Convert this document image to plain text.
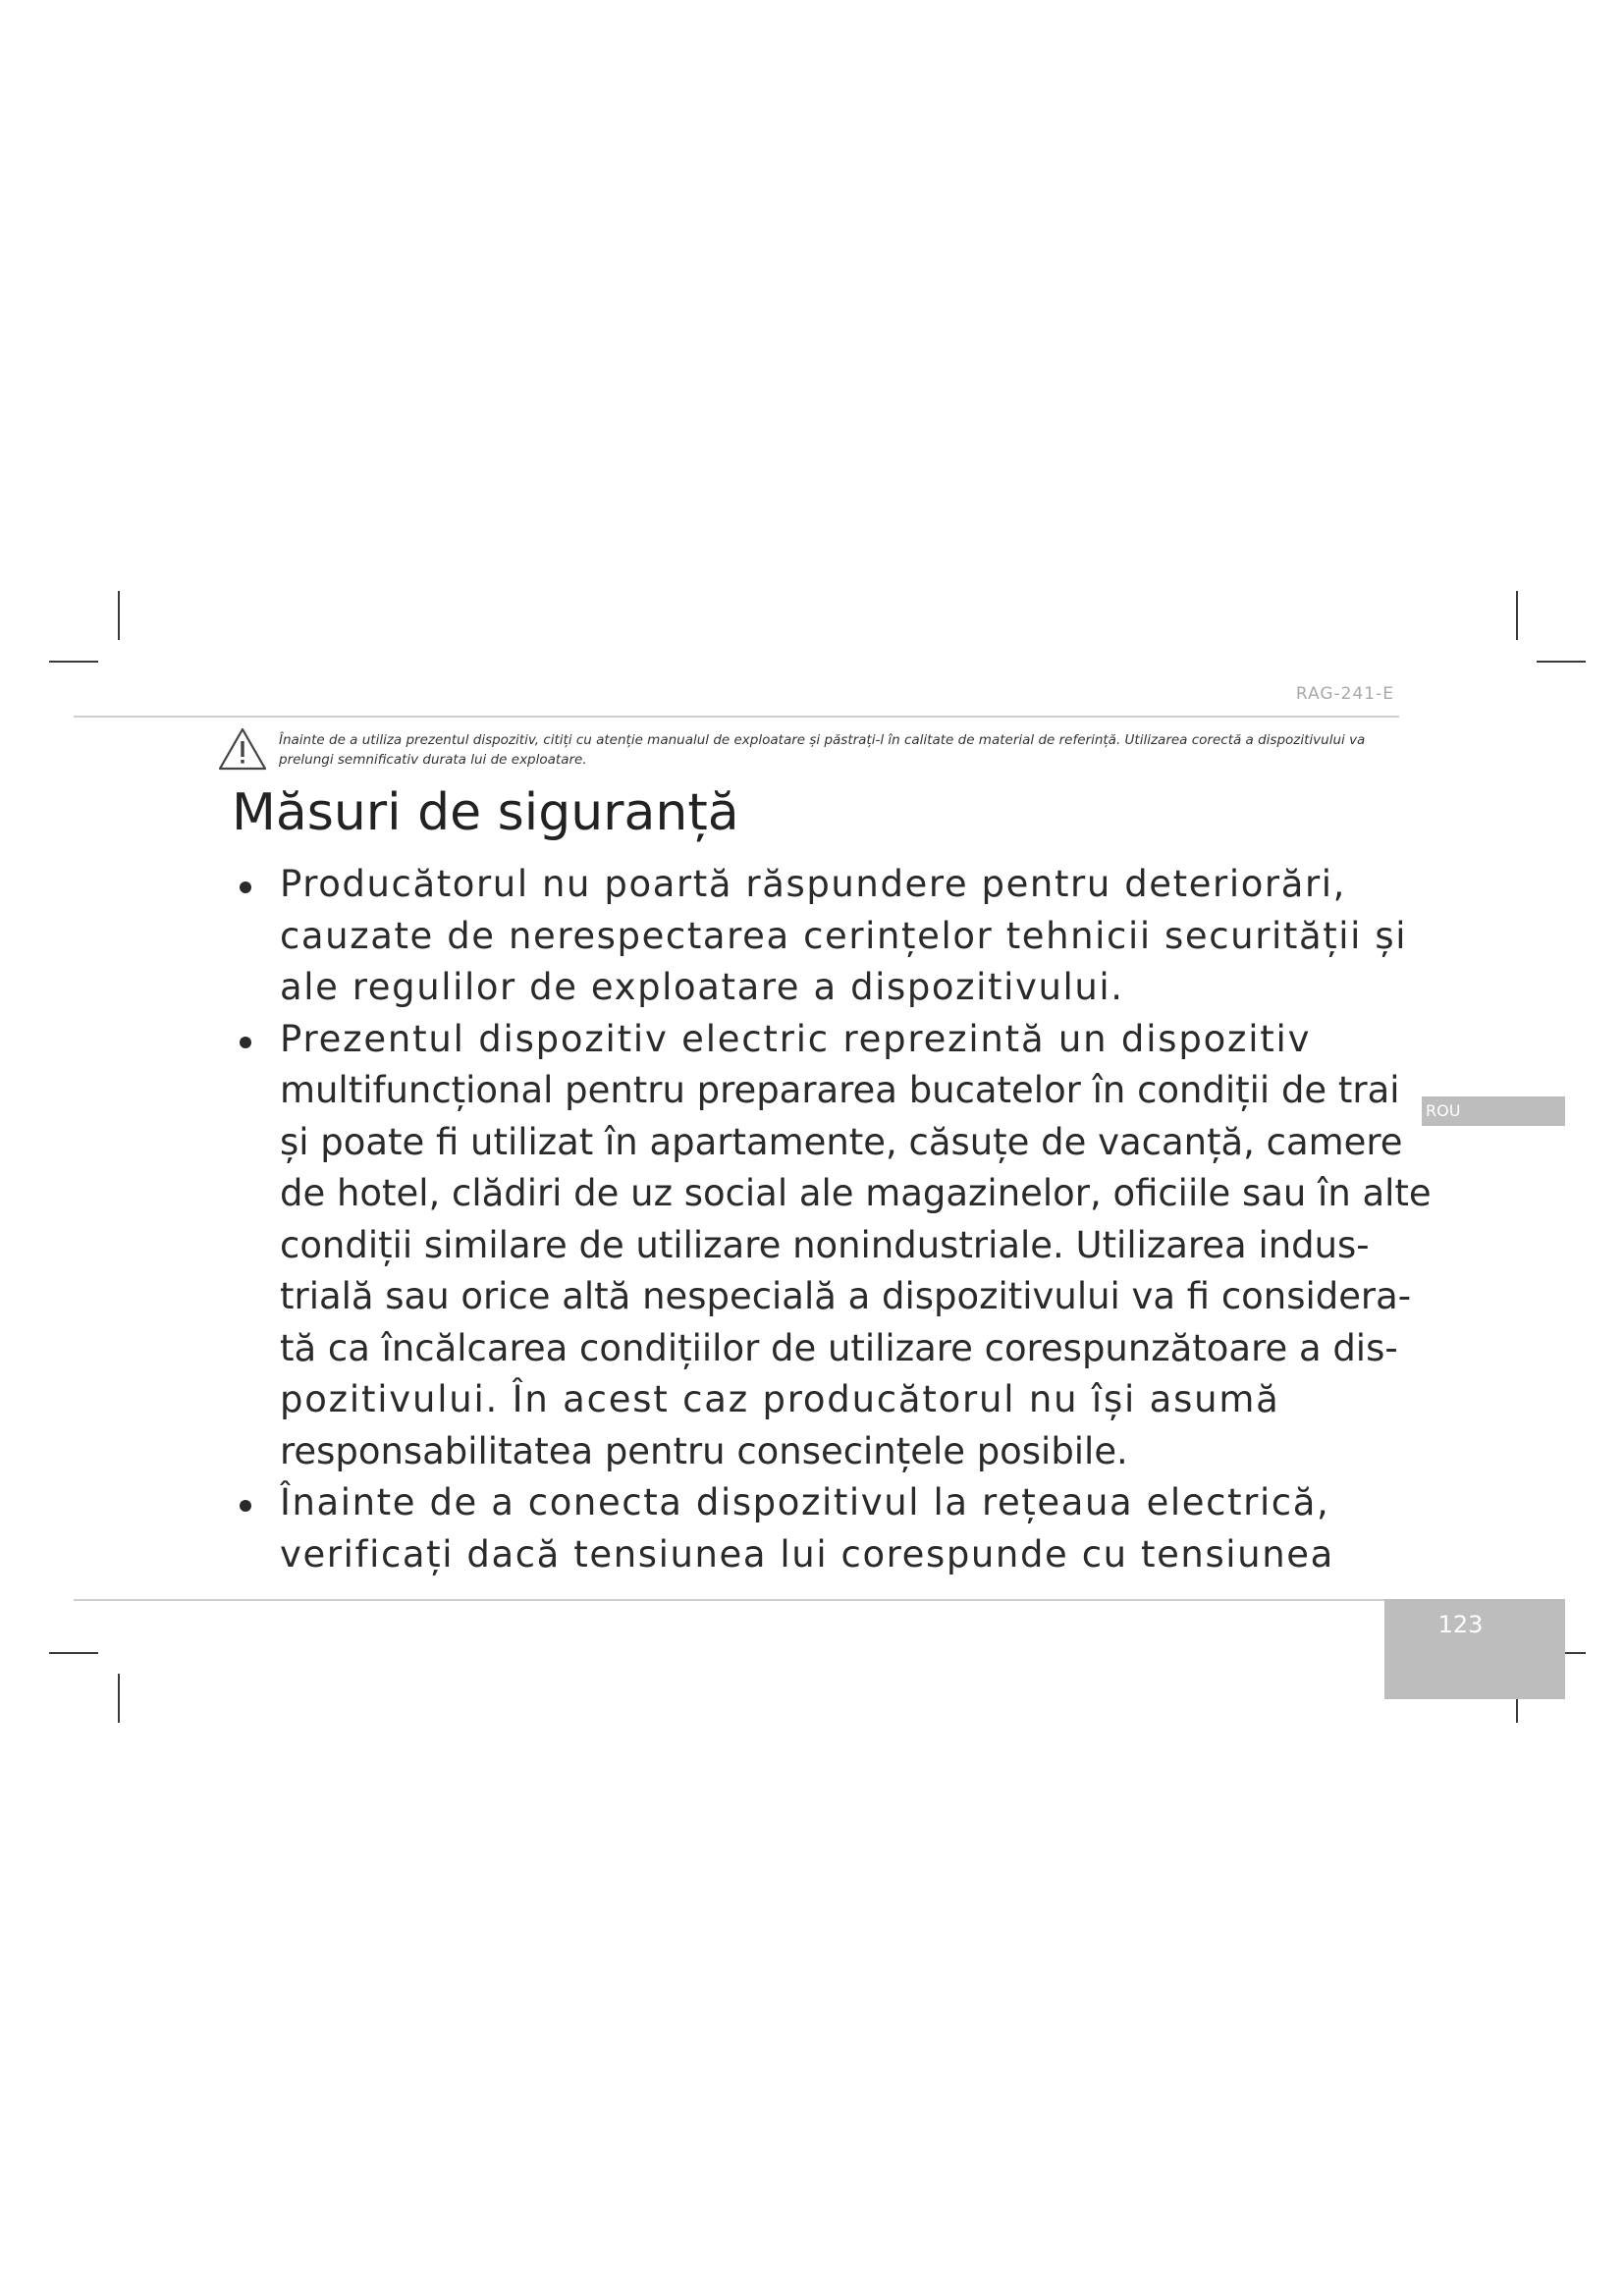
RAG-241-E
Înainte de a utiliza prezentul dispozitiv, citiți cu atenție manualul de exploatare și păstrați-l în calitate de material de referință. Utilizarea corectă a dispozitivului va prelungi semnificativ durata lui de exploatare.
Măsuri de siguranță
Producătorul nu poartă răspundere pentru deteriorări,
cauzate de nerespectarea cerințelor tehnicii securității și
ale regulilor de exploatare a dispozitivului.
Prezentul dispozitiv electric reprezintă un dispozitiv
multifuncțional pentru prepararea bucatelor în condiții de trai
și poate fi utilizat în apartamente, căsuțe de vacanță, camere
de hotel, clădiri de uz social ale magazinelor, oficiile sau în alte
condiții similare de utilizare nonindustriale. Utilizarea indus-
trială sau orice altă nespecială a dispozitivului va fi considera-
tă ca încălcarea condițiilor de utilizare corespunzătoare a dis-
pozitivului. În acest caz producătorul nu își asumă
responsabilitatea pentru consecințele posibile.
Înainte de a conecta dispozitivul la rețeaua electrică,
verificați dacă tensiunea lui corespunde cu tensiunea
ROU
123
